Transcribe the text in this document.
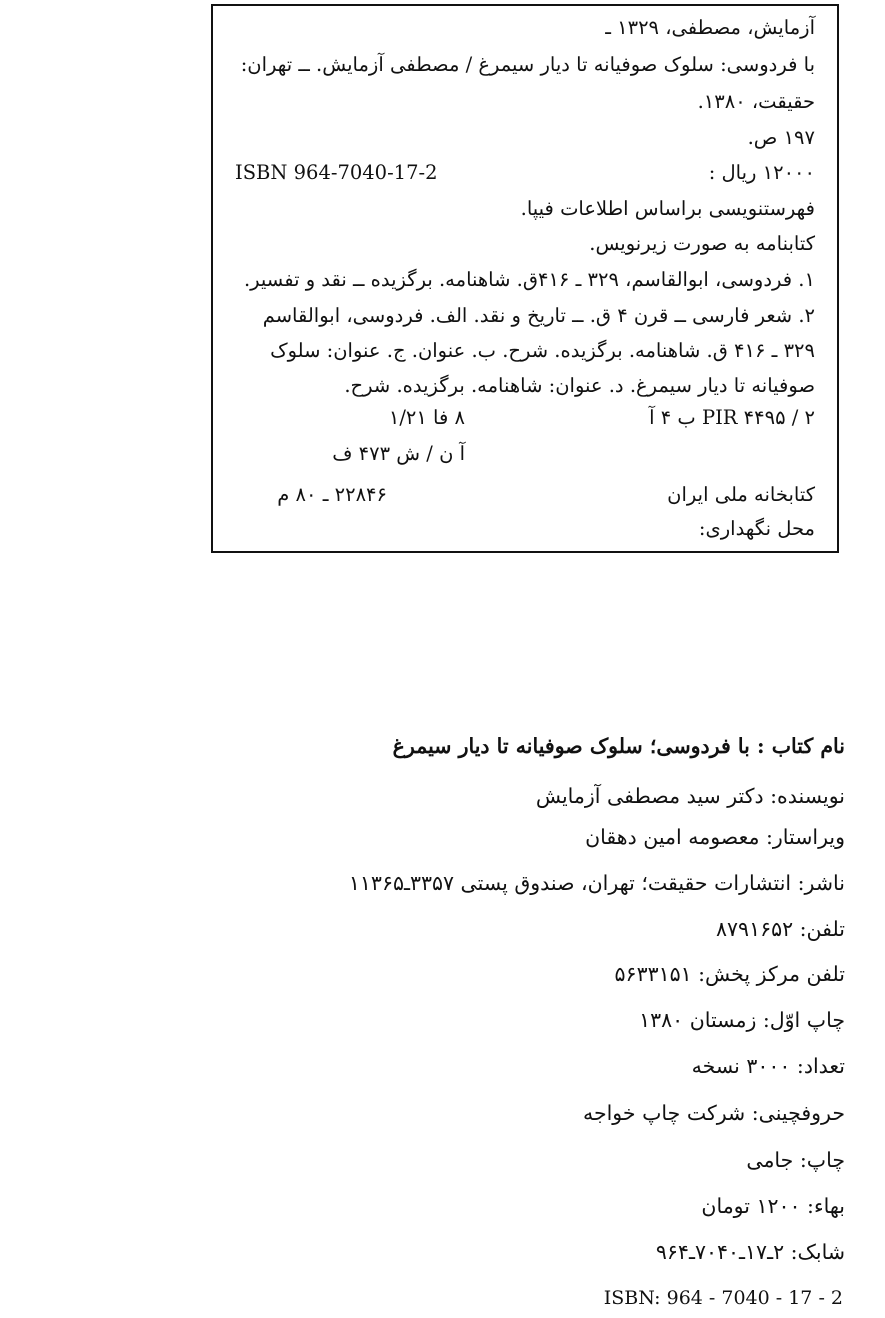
آزمایش، مصطفی، ۱۳۲۹ ـ
با فردوسی: سلوک صوفیانه تا دیار سیمرغ / مصطفی آزمایش. ــ تهران:
حقیقت، ۱۳۸۰.
۱۹۷ ص.
۱۲۰۰۰ ریال :
ISBN 964-7040-17-2
فهرستنویسی براساس اطلاعات فیپا.
کتابنامه به صورت زیرنویس.
۱. فردوسی، ابوالقاسم، ۳۲۹ ـ ۴۱۶ق. شاهنامه. برگزیده ــ نقد و تفسیر.
۲. شعر فارسی ــ قرن ۴ ق. ــ تاریخ و نقد. الف. فردوسی، ابوالقاسم
۳۲۹ ـ ۴۱۶ ق. شاهنامه. برگزیده. شرح. ب. عنوان. ج. عنوان: سلوک
صوفیانه تا دیار سیمرغ. د. عنوان: شاهنامه. برگزیده. شرح.
PIR ۴۴۹۵ / ۲ ب ۴ آ
۸ فا ۱/۲۱
آ ن / ش ۴۷۳ ف
کتابخانه ملی ایران
۲۲۸۴۶ ـ ۸۰ م
محل نگهداری:
نام کتاب : با فردوسی؛ سلوک صوفیانه تا دیار سیمرغ
نویسنده: دکتر سید مصطفی آزمایش
ویراستار: معصومه امین دهقان
ناشر: انتشارات حقیقت؛ تهران، صندوق پستی ۳۳۵۷ـ۱۱۳۶۵
تلفن: ۸۷۹۱۶۵۲
تلفن مرکز پخش: ۵۶۳۳۱۵۱
چاپ اوّل: زمستان ۱۳۸۰
تعداد: ۳۰۰۰ نسخه
حروفچینی: شرکت چاپ خواجه
چاپ: جامی
بهاء: ۱۲۰۰ تومان
شابک: ۲ـ۱۷ـ۷۰۴۰ـ۹۶۴
ISBN: 964 - 7040 - 17 - 2
